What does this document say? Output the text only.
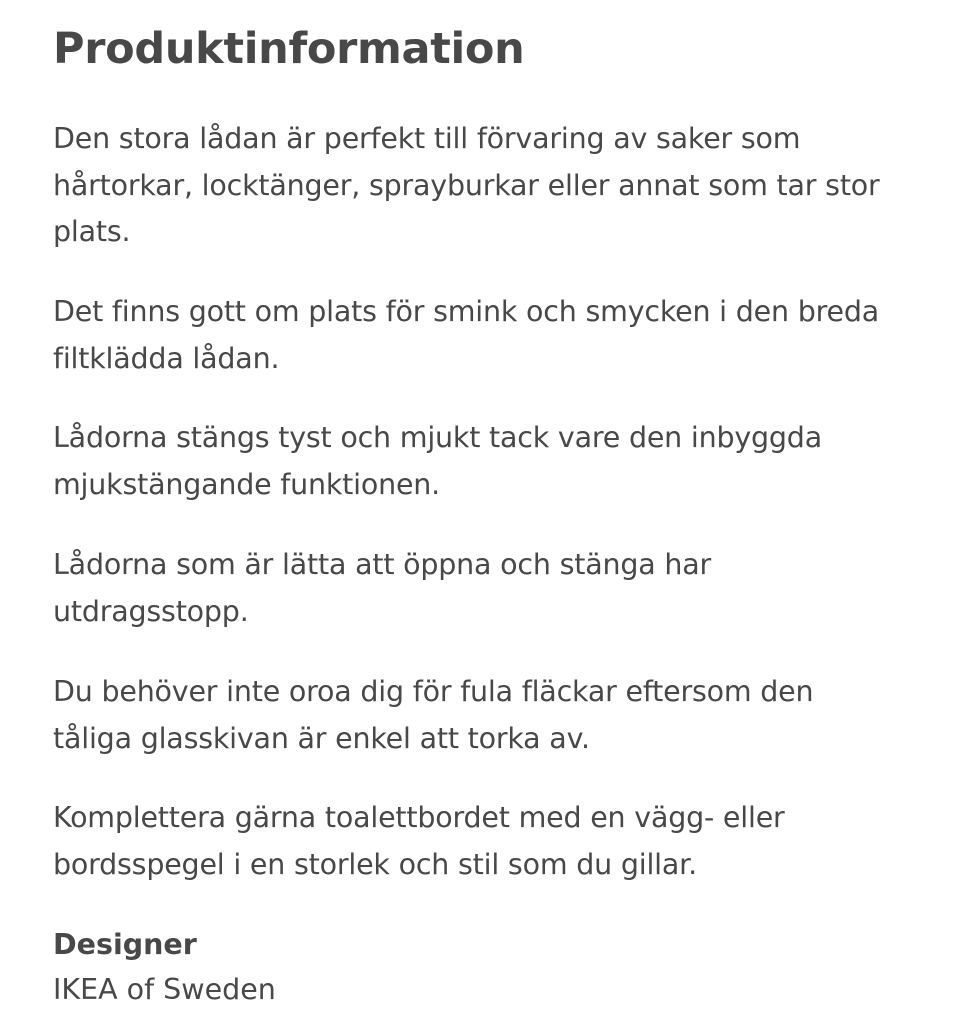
Produktinformation

Den stora lådan är perfekt till förvaring av saker som
hårtorkar, locktänger, sprayburkar eller annat som tar stor
plats.

Det finns gott om plats för smink och smycken i den breda
filtklädda lådan.

Lådorna stängs tyst och mjukt tack vare den inbyggda
mjukstängande funktionen.

Lådorna som är lätta att öppna och stänga har
utdragsstopp.

Du behöver inte oroa dig för fula fläckar eftersom den
tåliga glasskivan är enkel att torka av.

Komplettera gärna toalettbordet med en vägg- eller
bordsspegel i en storlek och stil som du gillar.

Designer

IKEA of Sweden
